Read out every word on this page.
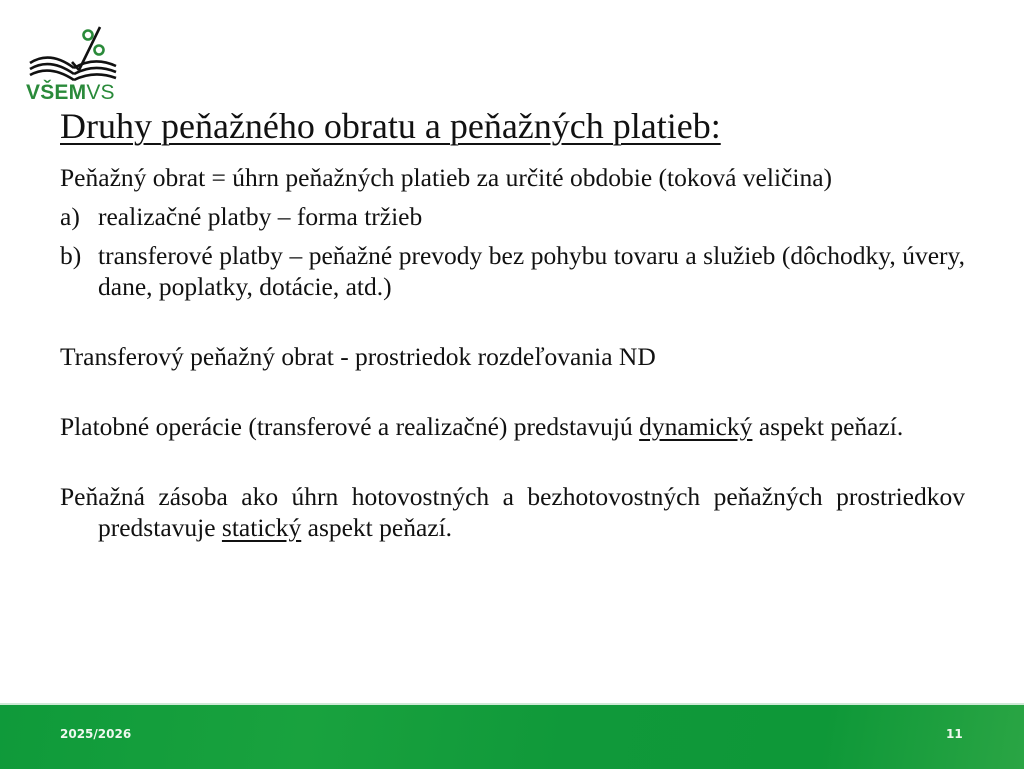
VŠEMVS
Druhy peňažného obratu a peňažných platieb:

Peňažný obrat = úhrn peňažných platieb za určité obdobie (toková veličina)

a) realizačné platby – forma tržieb
b) transferové platby – peňažné prevody bez pohybu tovaru a služieb (dôchodky, úvery, dane, poplatky, dotácie, atd.)

Transferový peňažný obrat - prostriedok rozdeľovania ND

Platobné operácie (transferové a realizačné) predstavujú dynamický aspekt peňazí.

Peňažná zásoba ako úhrn hotovostných a bezhotovostných peňažných prostriedkov predstavuje statický aspekt peňazí.

2025/2026	11
